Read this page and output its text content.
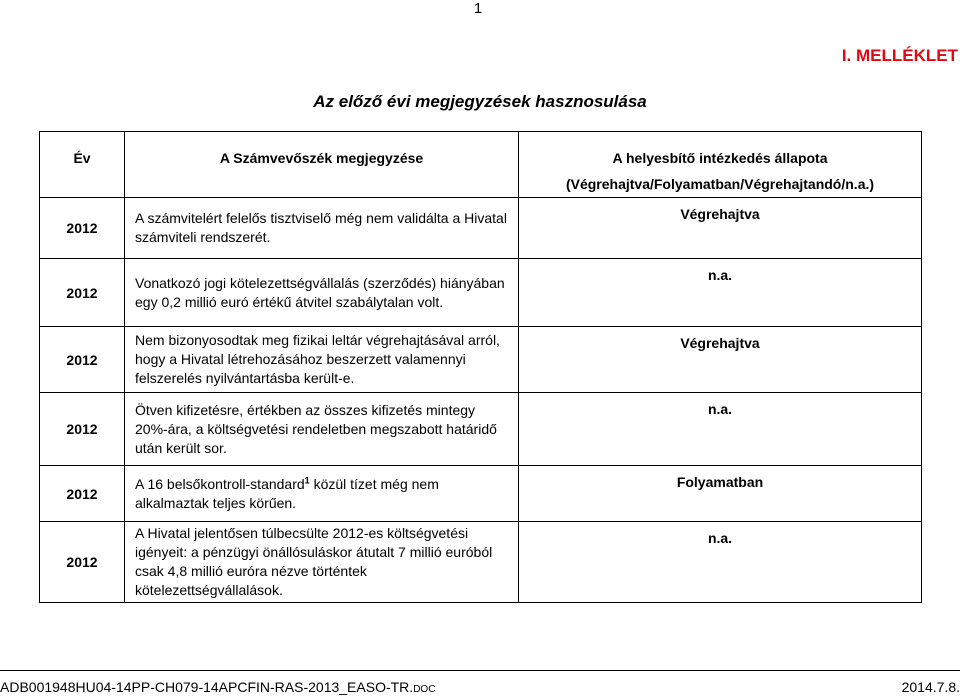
1
I. MELLÉKLET
Az előző évi megjegyzések hasznosulása
Év	A Számvevőszék megjegyzése	A helyesbítő intézkedés állapota
(Végrehajtva/Folyamatban/Végrehajtandó/n.a.)

2012	A számvitelért felelős tisztviselő még nem validálta a Hivatal számviteli rendszerét.	Végrehajtva

2012	Vonatkozó jogi kötelezettségvállalás (szerződés) hiányában egy 0,2 millió euró értékű átvitel szabálytalan volt.	n.a.

2012	Nem bizonyosodtak meg fizikai leltár végrehajtásával arról, hogy a Hivatal létrehozásához beszerzett valamennyi felszerelés nyilvántartásba került-e.	Végrehajtva

2012	Ötven kifizetésre, értékben az összes kifizetés mintegy 20%-ára, a költségvetési rendeletben megszabott határidő után került sor.	n.a.

2012	A 16 belsőkontroll-standard$^1$ közül tízet még nem alkalmaztak teljes körűen.	Folyamatban

2012	A Hivatal jelentősen túlbecsülte 2012-es költségvetési igényeit: a pénzügyi önállósuláskor átutalt 7 millió euróból csak 4,8 millió euróra nézve történtek kötelezettségvállalások.	n.a.
ADB001948HU04-14PP-CH079-14APCFIN-RAS-2013_EASO-TR.DOC	2014.7.8.
